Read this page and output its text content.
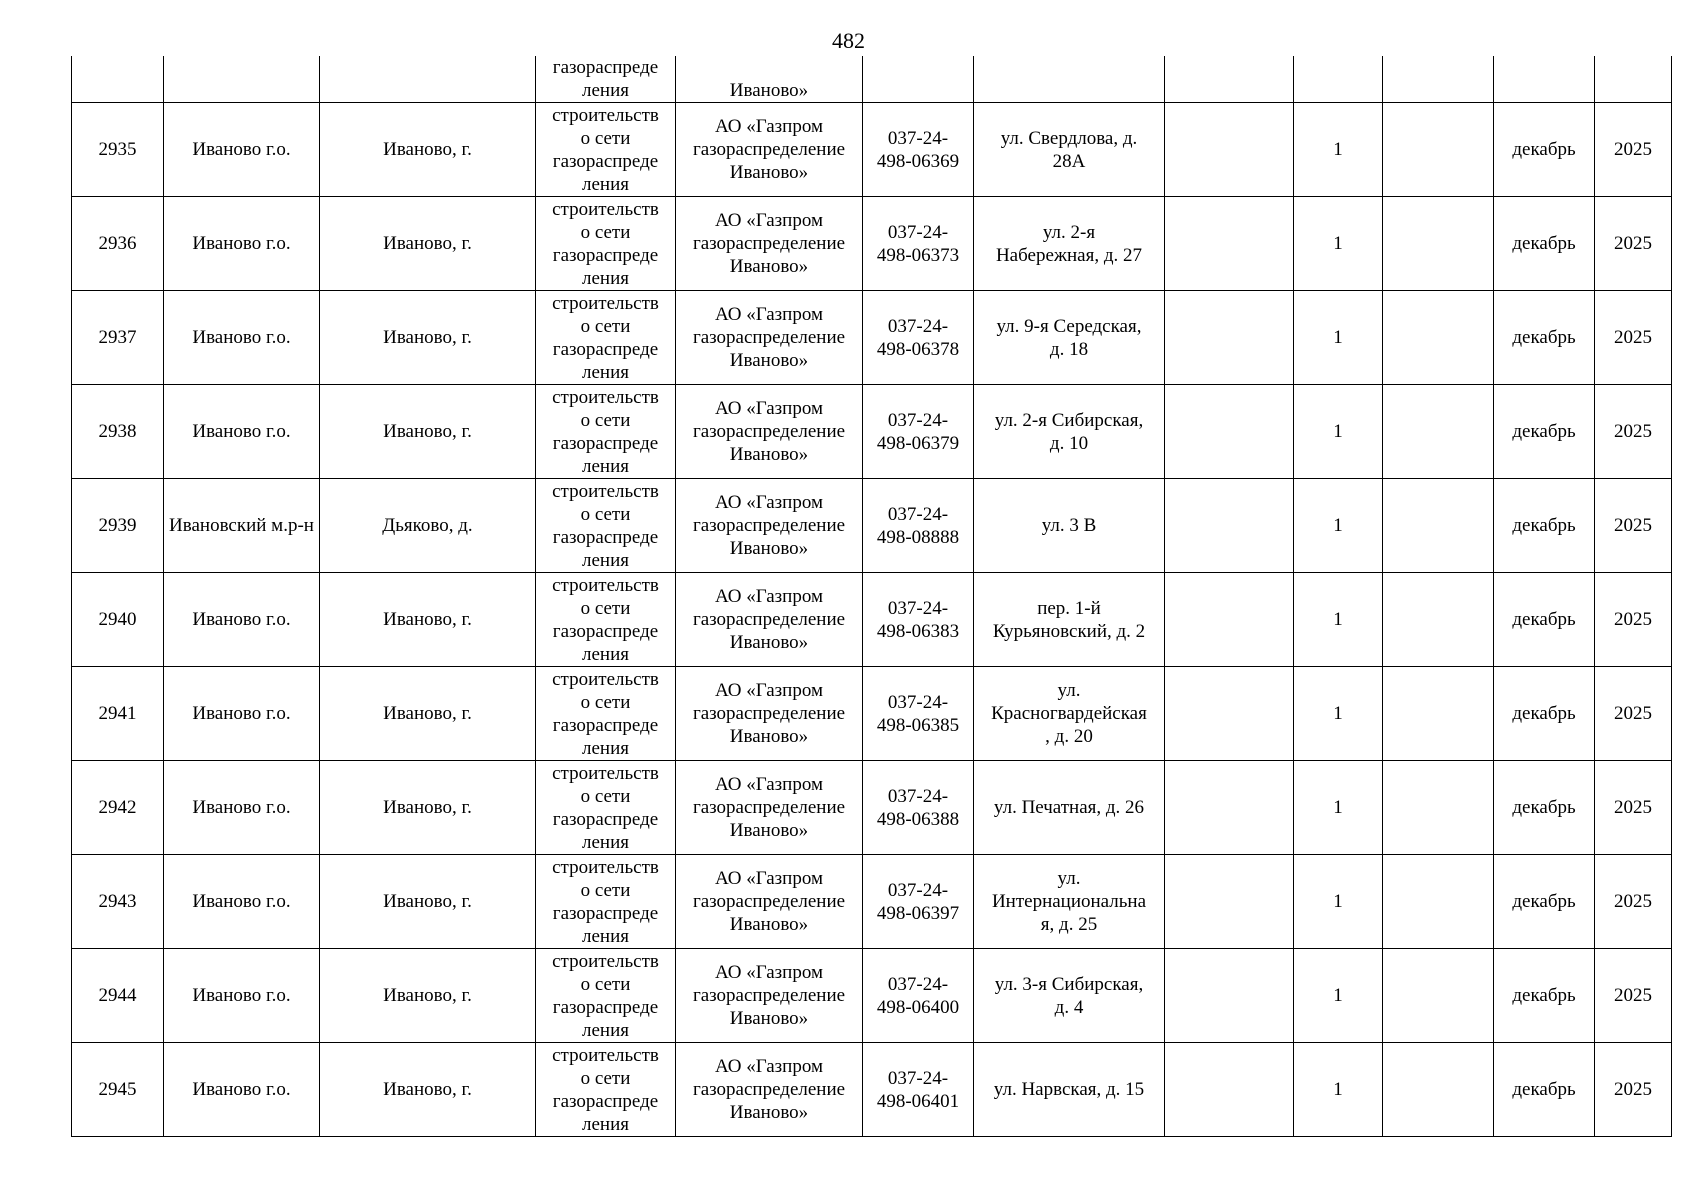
482

			газораспреде
ления	Иваново»							

2935	Иваново г.о.	Иваново, г.	строительств
о сети
газораспреде
ления	АО «Газпром
газораспределение
Иваново»	037-24-
498-06369	ул. Свердлова, д.
28А		1		декабрь	2025
2936	Иваново г.о.	Иваново, г.	строительств
о сети
газораспреде
ления	АО «Газпром
газораспределение
Иваново»	037-24-
498-06373	ул. 2-я
Набережная, д. 27		1		декабрь	2025
2937	Иваново г.о.	Иваново, г.	строительств
о сети
газораспреде
ления	АО «Газпром
газораспределение
Иваново»	037-24-
498-06378	ул. 9-я Середская,
д. 18		1		декабрь	2025
2938	Иваново г.о.	Иваново, г.	строительств
о сети
газораспреде
ления	АО «Газпром
газораспределение
Иваново»	037-24-
498-06379	ул. 2-я Сибирская,
д. 10		1		декабрь	2025
2939	Ивановский м.р-н	Дьяково, д.	строительств
о сети
газораспреде
ления	АО «Газпром
газораспределение
Иваново»	037-24-
498-08888	ул. 3 В		1		декабрь	2025
2940	Иваново г.о.	Иваново, г.	строительств
о сети
газораспреде
ления	АО «Газпром
газораспределение
Иваново»	037-24-
498-06383	пер. 1-й
Курьяновский, д. 2		1		декабрь	2025
2941	Иваново г.о.	Иваново, г.	строительств
о сети
газораспреде
ления	АО «Газпром
газораспределение
Иваново»	037-24-
498-06385	ул.
Красногвардейская
, д. 20		1		декабрь	2025
2942	Иваново г.о.	Иваново, г.	строительств
о сети
газораспреде
ления	АО «Газпром
газораспределение
Иваново»	037-24-
498-06388	ул. Печатная, д. 26		1		декабрь	2025
2943	Иваново г.о.	Иваново, г.	строительств
о сети
газораспреде
ления	АО «Газпром
газораспределение
Иваново»	037-24-
498-06397	ул.
Интернациональна
я, д. 25		1		декабрь	2025
2944	Иваново г.о.	Иваново, г.	строительств
о сети
газораспреде
ления	АО «Газпром
газораспределение
Иваново»	037-24-
498-06400	ул. 3-я Сибирская,
д. 4		1		декабрь	2025
2945	Иваново г.о.	Иваново, г.	строительств
о сети
газораспреде
ления	АО «Газпром
газораспределение
Иваново»	037-24-
498-06401	ул. Нарвская, д. 15		1		декабрь	2025
